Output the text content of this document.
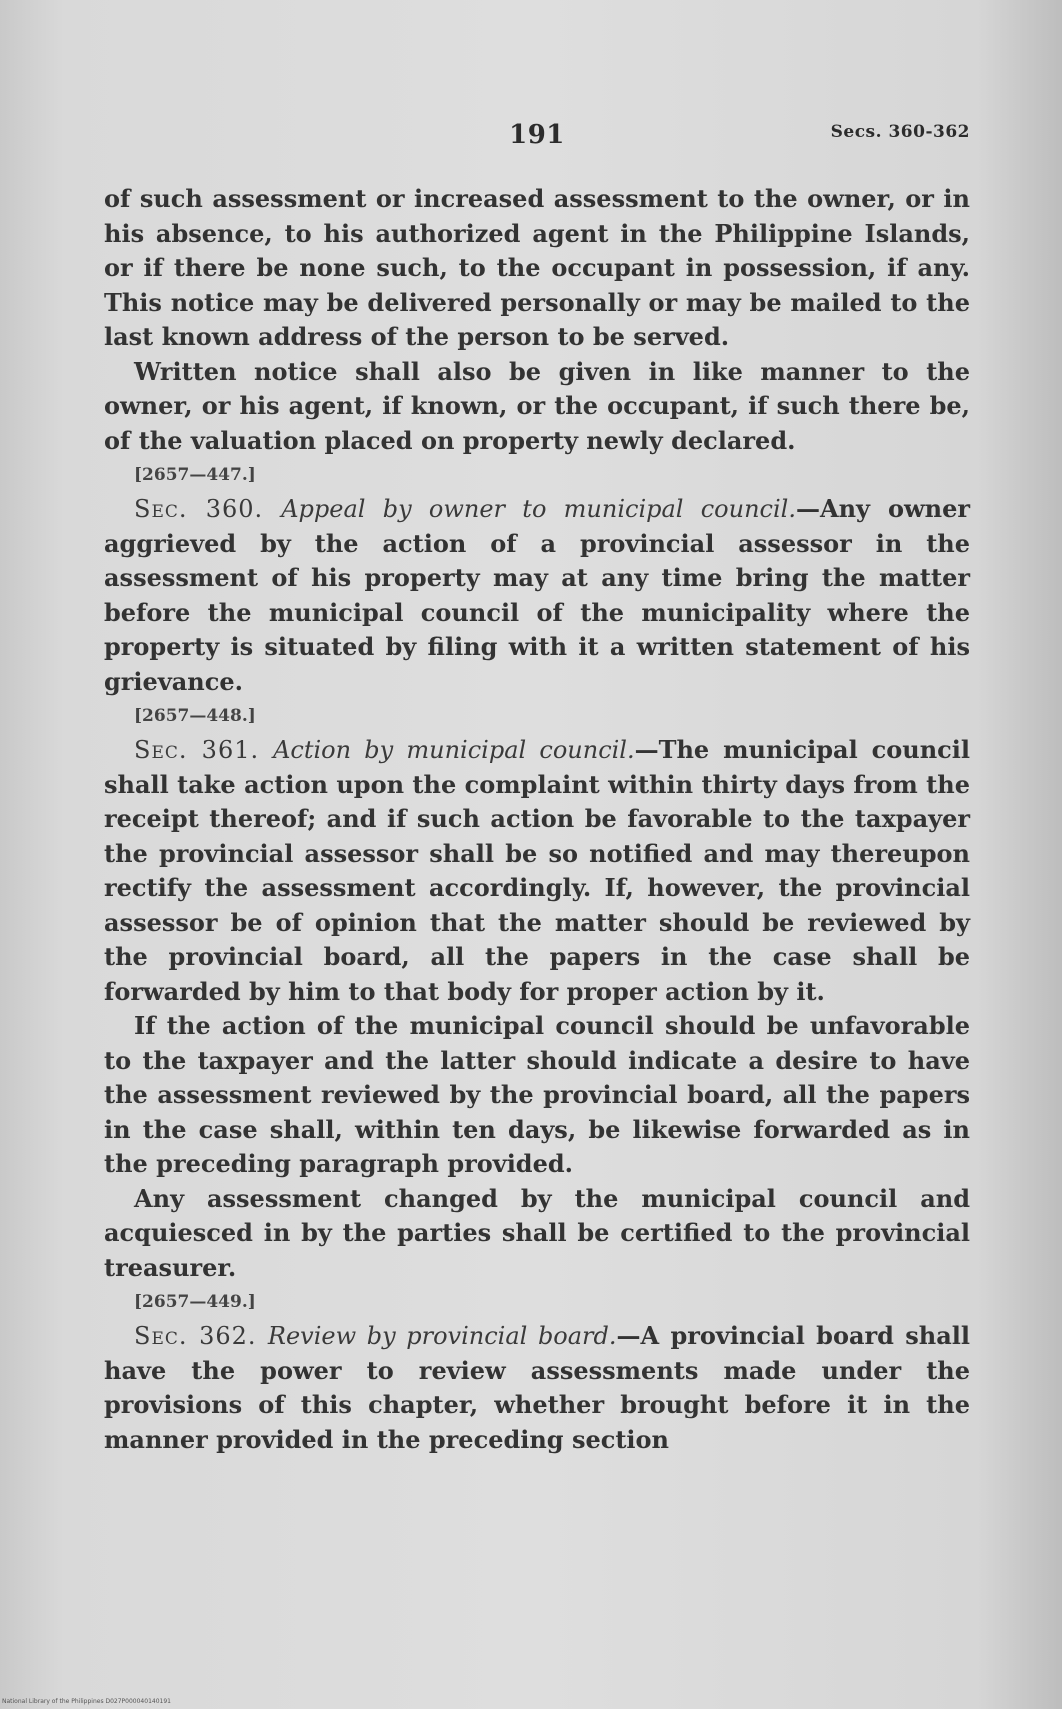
191	Secs. 360-362

of such assessment or increased assessment to the owner, or in his absence, to his authorized agent in the Philippine Islands, or if there be none such, to the occupant in possession, if any. This notice may be delivered personally or may be mailed to the last known address of the person to be served.

Written notice shall also be given in like manner to the owner, or his agent, if known, or the occupant, if such there be, of the valuation placed on property newly declared.

[2657—447.]

Sec. 360. Appeal by owner to municipal council.—Any owner aggrieved by the action of a provincial assessor in the assessment of his property may at any time bring the matter before the municipal council of the municipality where the property is situated by filing with it a written statement of his grievance.

[2657—448.]

Sec. 361. Action by municipal council.—The municipal council shall take action upon the complaint within thirty days from the receipt thereof; and if such action be favorable to the taxpayer the provincial assessor shall be so notified and may thereupon rectify the assessment accordingly. If, however, the provincial assessor be of opinion that the matter should be reviewed by the provincial board, all the papers in the case shall be forwarded by him to that body for proper action by it.

If the action of the municipal council should be unfavorable to the taxpayer and the latter should indicate a desire to have the assessment reviewed by the provincial board, all the papers in the case shall, within ten days, be likewise forwarded as in the preceding paragraph provided.

Any assessment changed by the municipal council and acquiesced in by the parties shall be certified to the provincial treasurer.

[2657—449.]

Sec. 362. Review by provincial board.—A provincial board shall have the power to review assessments made under the provisions of this chapter, whether brought before it in the manner provided in the preceding section

National Library of the Philippines D027P000040140191
